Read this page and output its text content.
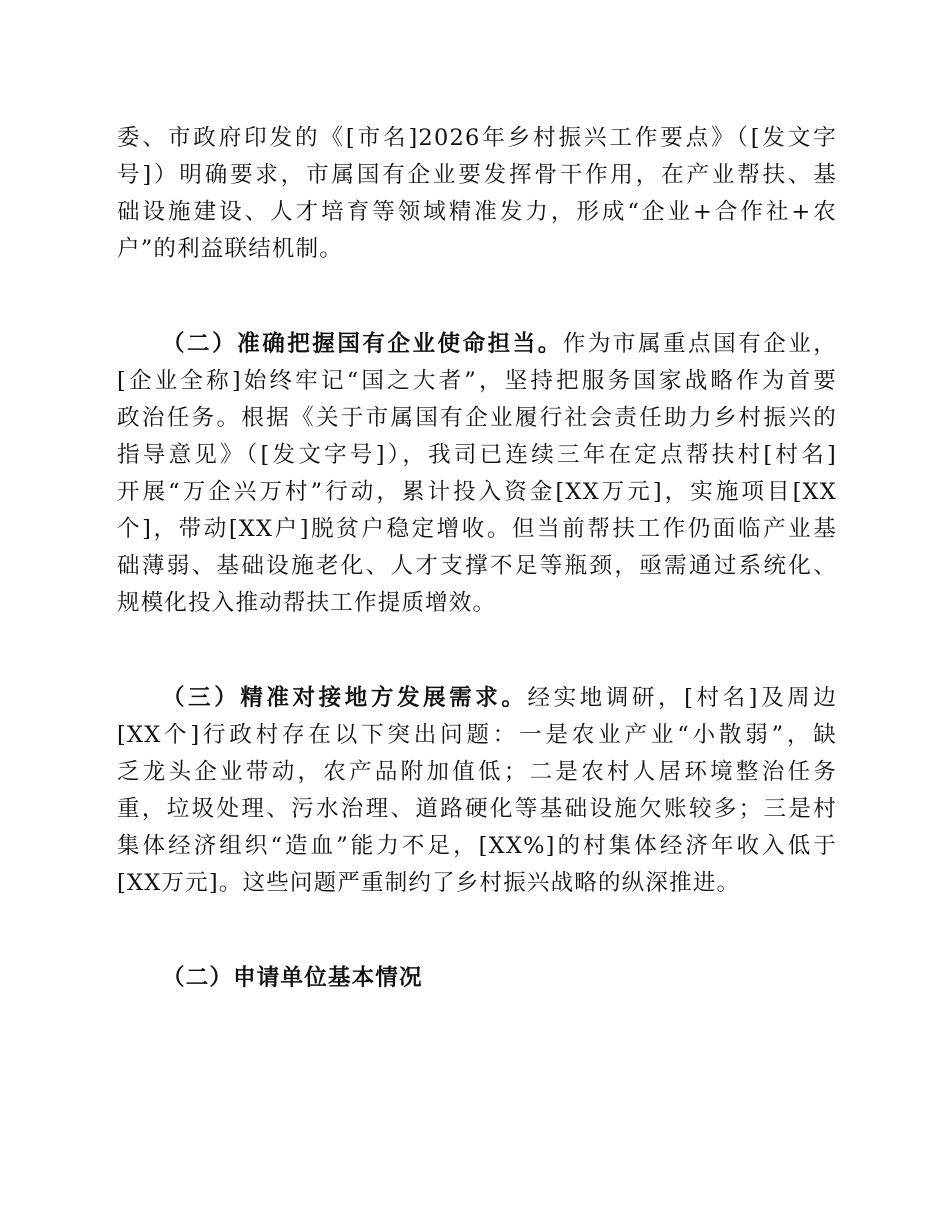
委、市政府印发的《[市名]2026年乡村振兴工作要点》（[发文字
号]）明确要求，市属国有企业要发挥骨干作用，在产业帮扶、基
础设施建设、人才培育等领域精准发力，形成“企业+合作社+农
户”的利益联结机制。
（二）准确把握国有企业使命担当。作为市属重点国有企业，
[企业全称]始终牢记“国之大者”，坚持把服务国家战略作为首要
政治任务。根据《关于市属国有企业履行社会责任助力乡村振兴的
指导意见》（[发文字号]），我司已连续三年在定点帮扶村[村名]
开展“万企兴万村”行动，累计投入资金[XX万元]，实施项目[XX
个]，带动[XX户]脱贫户稳定增收。但当前帮扶工作仍面临产业基
础薄弱、基础设施老化、人才支撑不足等瓶颈，亟需通过系统化、
规模化投入推动帮扶工作提质增效。
（三）精准对接地方发展需求。经实地调研，[村名]及周边
[XX个]行政村存在以下突出问题：一是农业产业“小散弱”，缺
乏龙头企业带动，农产品附加值低；二是农村人居环境整治任务
重，垃圾处理、污水治理、道路硬化等基础设施欠账较多；三是村
集体经济组织“造血”能力不足，[XX%]的村集体经济年收入低于
[XX万元]。这些问题严重制约了乡村振兴战略的纵深推进。
（二）申请单位基本情况
